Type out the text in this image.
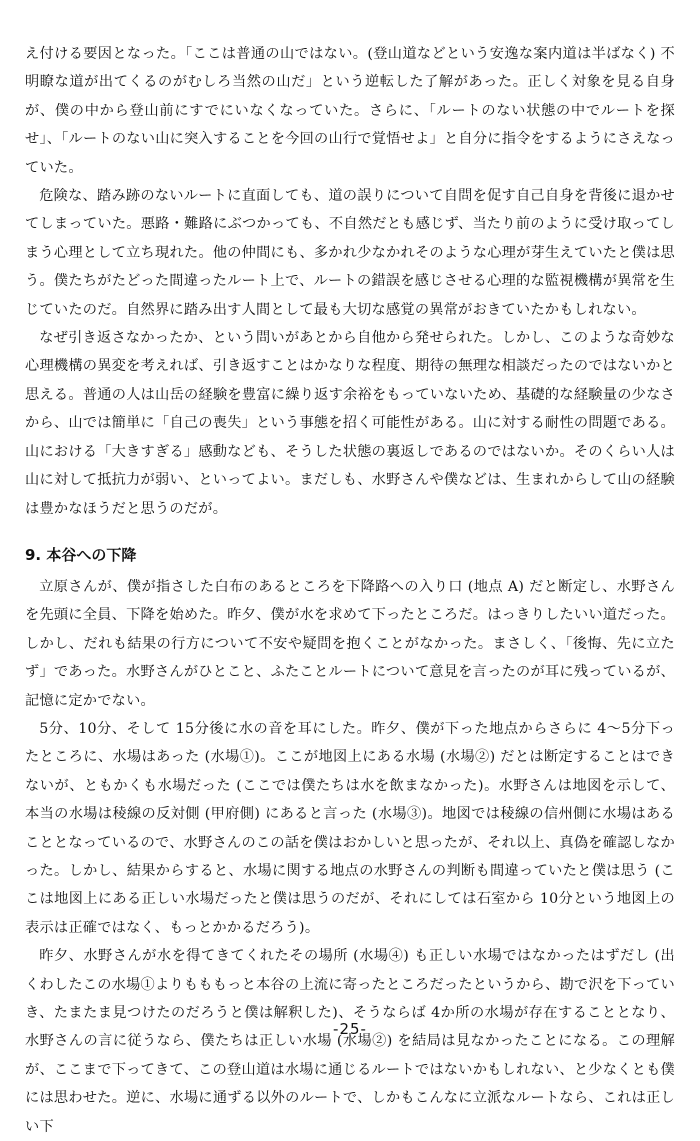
え付ける要因となった。「ここは普通の山ではない。(登山道などという安逸な案内道は半ばなく) 不明瞭な道が出てくるのがむしろ当然の山だ」という逆転した了解があった。正しく対象を見る自身が、僕の中から登山前にすでにいなくなっていた。さらに、「ルートのない状態の中でルートを探せ」、「ルートのない山に突入することを今回の山行で覚悟せよ」と自分に指令をするようにさえなっていた。

危険な、踏み跡のないルートに直面しても、道の誤りについて自問を促す自己自身を背後に退かせてしまっていた。悪路・難路にぶつかっても、不自然だとも感じず、当たり前のように受け取ってしまう心理として立ち現れた。他の仲間にも、多かれ少なかれそのような心理が芽生えていたと僕は思う。僕たちがたどった間違ったルート上で、ルートの錯誤を感じさせる心理的な監視機構が異常を生じていたのだ。自然界に踏み出す人間として最も大切な感覚の異常がおきていたかもしれない。

なぜ引き返さなかったか、という問いがあとから自他から発せられた。しかし、このような奇妙な心理機構の異変を考えれば、引き返すことはかなりな程度、期待の無理な相談だったのではないかと思える。普通の人は山岳の経験を豊富に繰り返す余裕をもっていないため、基礎的な経験量の少なさから、山では簡単に「自己の喪失」という事態を招く可能性がある。山に対する耐性の問題である。山における「大きすぎる」感動なども、そうした状態の裏返しであるのではないか。そのくらい人は山に対して抵抗力が弱い、といってよい。まだしも、水野さんや僕などは、生まれからして山の経験は豊かなほうだと思うのだが。

9. 本谷への下降

立原さんが、僕が指さした白布のあるところを下降路への入り口 (地点 A) だと断定し、水野さんを先頭に全員、下降を始めた。昨夕、僕が水を求めて下ったところだ。はっきりしたいい道だった。しかし、だれも結果の行方について不安や疑問を抱くことがなかった。まさしく、「後悔、先に立たず」であった。水野さんがひとこと、ふたことルートについて意見を言ったのが耳に残っているが、記憶に定かでない。

5分、10分、そして 15分後に水の音を耳にした。昨夕、僕が下った地点からさらに 4～5分下ったところに、水場はあった (水場①)。ここが地図上にある水場 (水場②) だとは断定することはできないが、ともかくも水場だった (ここでは僕たちは水を飲まなかった)。水野さんは地図を示して、本当の水場は稜線の反対側 (甲府側) にあると言った (水場③)。地図では稜線の信州側に水場はあることとなっているので、水野さんのこの話を僕はおかしいと思ったが、それ以上、真偽を確認しなかった。しかし、結果からすると、水場に関する地点の水野さんの判断も間違っていたと僕は思う (ここは地図上にある正しい水場だったと僕は思うのだが、それにしては石室から 10分という地図上の表示は正確ではなく、もっとかかるだろう)。

昨夕、水野さんが水を得てきてくれたその場所 (水場④) も正しい水場ではなかったはずだし (出くわしたこの水場①よりもももっと本谷の上流に寄ったところだったというから、勘で沢を下っていき、たまたま見つけたのだろうと僕は解釈した)、そうならば 4か所の水場が存在することとなり、水野さんの言に従うなら、僕たちは正しい水場 (水場②) を結局は見なかったことになる。この理解が、ここまで下ってきて、この登山道は水場に通じるルートではないかもしれない、と少なくとも僕には思わせた。逆に、水場に通ずる以外のルートで、しかもこんなに立派なルートなら、これは正しい下

-25-
